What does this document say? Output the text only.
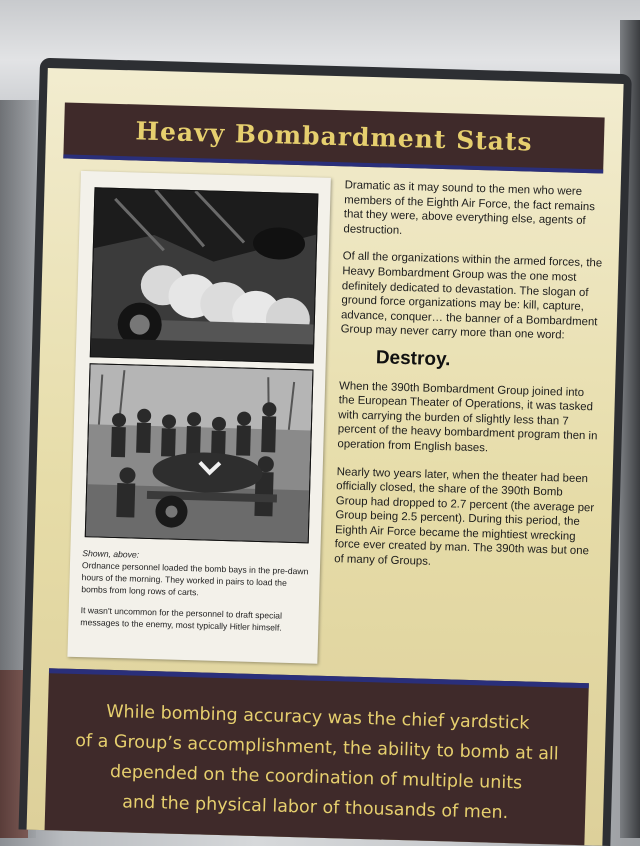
Heavy Bombardment Stats
Shown, above:

Ordnance personnel loaded the bomb bays in the pre-dawn hours of the morning. They worked in pairs to load the bombs from long rows of carts.

It wasn't uncommon for the personnel to draft special messages to the enemy, most typically Hitler himself.

Dramatic as it may sound to the men who were members of the Eighth Air Force, the fact remains that they were, above everything else, agents of destruction.

Of all the organizations within the armed forces, the Heavy Bombardment Group was the one most definitely dedicated to devastation. The slogan of ground force organizations may be: kill, capture, advance, conquer… the banner of a Bombardment Group may never carry more than one word:

Destroy.

When the 390th Bombardment Group joined into the European Theater of Operations, it was tasked with carrying the burden of slightly less than 7 percent of the heavy bombardment program then in operation from English bases.

Nearly two years later, when the theater had been officially closed, the share of the 390th Bomb Group had dropped to 2.7 percent (the average per Group being 2.5 percent). During this period, the Eighth Air Force became the mightiest wrecking force ever created by man. The 390th was but one of many of Groups.

While bombing accuracy was the chief yardstick
of a Group’s accomplishment, the ability to bomb at all
depended on the coordination of multiple units
and the physical labor of thousands of men.
